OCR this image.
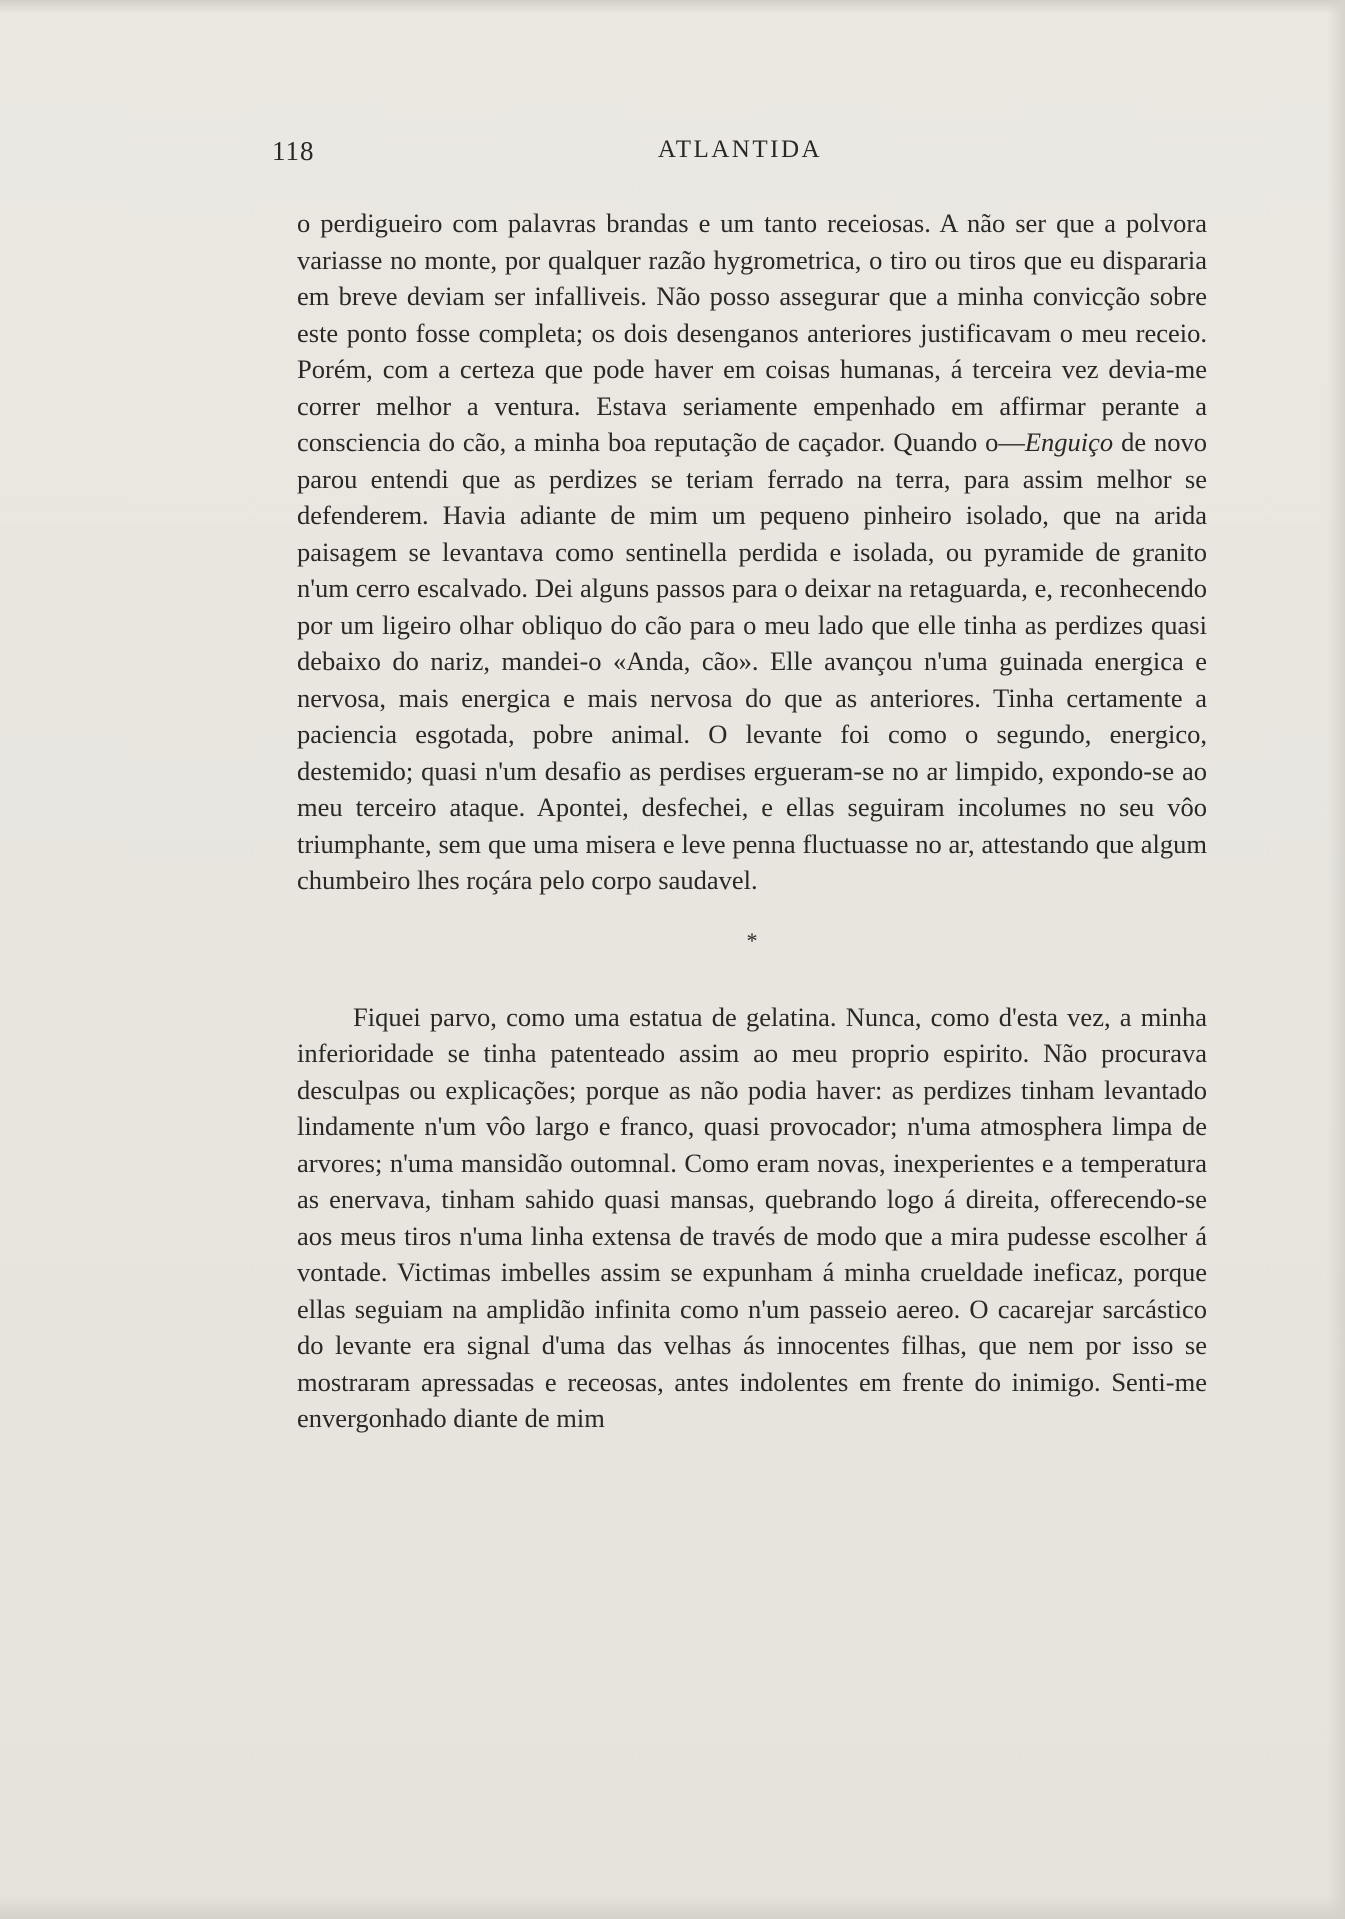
118	ATLANTIDA

o perdigueiro com palavras brandas e um tanto receiosas. A não ser que a polvora variasse no monte, por qualquer razão hygrometrica, o tiro ou tiros que eu dispararia em breve deviam ser infalliveis. Não posso assegurar que a minha convicção sobre este ponto fosse completa; os dois desenganos anteriores justificavam o meu receio. Porém, com a certeza que pode haver em coisas humanas, á terceira vez devia-me correr melhor a ventura. Estava seriamente empenhado em affirmar perante a consciencia do cão, a minha boa reputação de caçador. Quando o—Enguiço de novo parou entendi que as perdizes se teriam ferrado na terra, para assim melhor se defenderem. Havia adiante de mim um pequeno pinheiro isolado, que na arida paisagem se levantava como sentinella perdida e isolada, ou pyramide de granito n'um cerro escalvado. Dei alguns passos para o deixar na retaguarda, e, reconhecendo por um ligeiro olhar obliquo do cão para o meu lado que elle tinha as perdizes quasi debaixo do nariz, mandei-o «Anda, cão». Elle avançou n'uma guinada energica e nervosa, mais energica e mais nervosa do que as anteriores. Tinha certamente a paciencia esgotada, pobre animal. O levante foi como o segundo, energico, destemido; quasi n'um desafio as perdises ergueram-se no ar limpido, expondo-se ao meu terceiro ataque. Apontei, desfechei, e ellas seguiram incolumes no seu vôo triumphante, sem que uma misera e leve penna fluctuasse no ar, attestando que algum chumbeiro lhes roçára pelo corpo saudavel.

*

Fiquei parvo, como uma estatua de gelatina. Nunca, como d'esta vez, a minha inferioridade se tinha patenteado assim ao meu proprio espirito. Não procurava desculpas ou explicações; porque as não podia haver: as perdizes tinham levantado lindamente n'um vôo largo e franco, quasi provocador; n'uma atmosphera limpa de arvores; n'uma mansidão outomnal. Como eram novas, inexperientes e a temperatura as enervava, tinham sahido quasi mansas, quebrando logo á direita, offerecendo-se aos meus tiros n'uma linha extensa de través de modo que a mira pudesse escolher á vontade. Victimas imbelles assim se expunham á minha crueldade ineficaz, porque ellas seguiam na amplidão infinita como n'um passeio aereo. O cacarejar sarcástico do levante era signal d'uma das velhas ás innocentes filhas, que nem por isso se mostraram apressadas e receosas, antes indolentes em frente do inimigo. Senti-me envergonhado diante de mim
